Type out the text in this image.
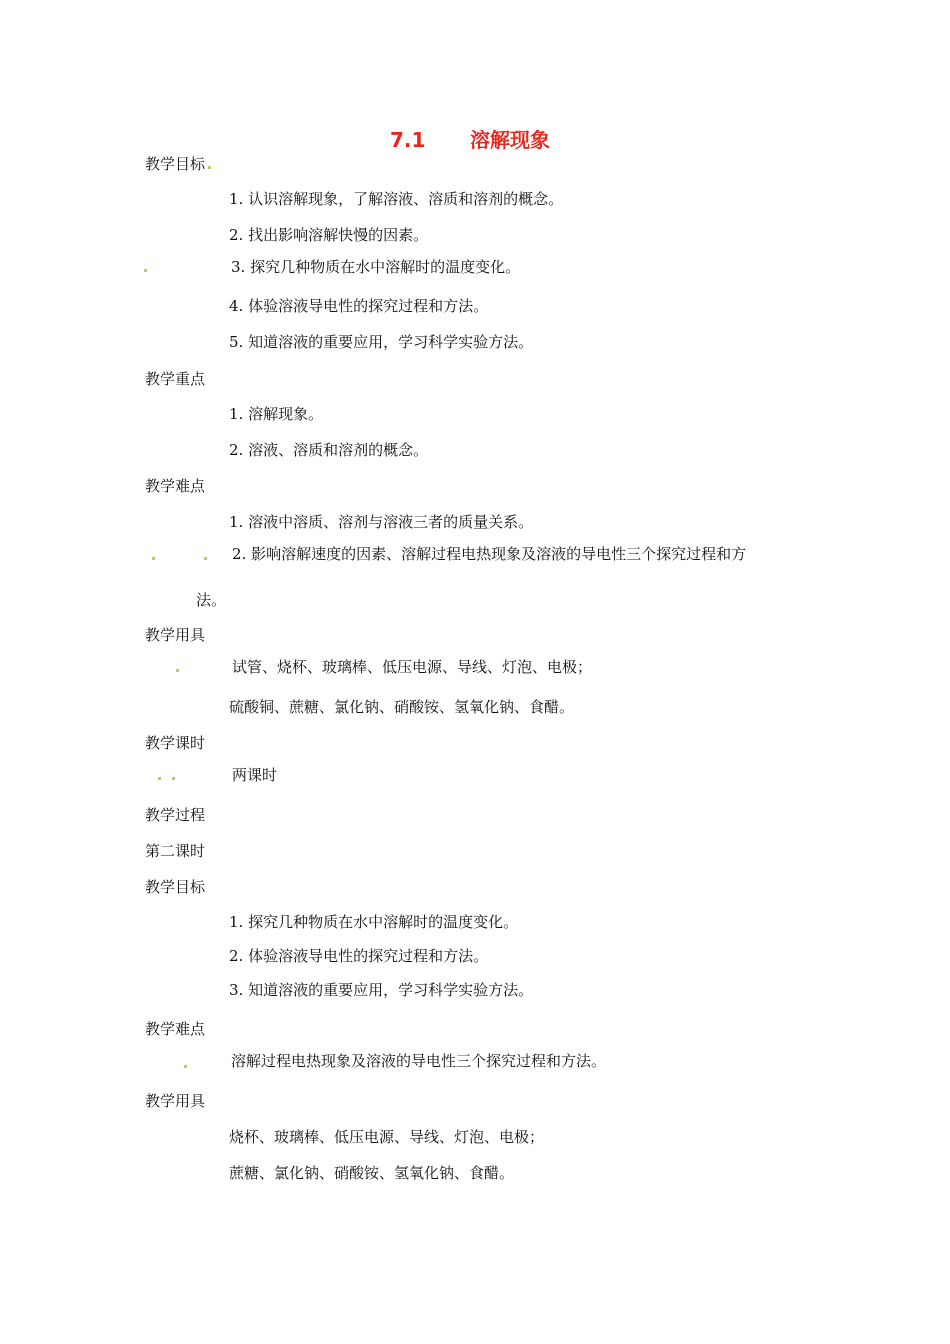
7.1 溶解现象
教学目标
1. 认识溶解现象，了解溶液、溶质和溶剂的概念。
2. 找出影响溶解快慢的因素。
3. 探究几种物质在水中溶解时的温度变化。
4. 体验溶液导电性的探究过程和方法。
5. 知道溶液的重要应用，学习科学实验方法。
教学重点
1. 溶解现象。
2. 溶液、溶质和溶剂的概念。
教学难点
1. 溶液中溶质、溶剂与溶液三者的质量关系。
2. 影响溶解速度的因素、溶解过程电热现象及溶液的导电性三个探究过程和方
法。
教学用具
试管、烧杯、玻璃棒、低压电源、导线、灯泡、电极；
硫酸铜、蔗糖、氯化钠、硝酸铵、氢氧化钠、食醋。
教学课时
两课时
教学过程
第二课时
教学目标
1. 探究几种物质在水中溶解时的温度变化。
2. 体验溶液导电性的探究过程和方法。
3. 知道溶液的重要应用，学习科学实验方法。
教学难点
溶解过程电热现象及溶液的导电性三个探究过程和方法。
教学用具
烧杯、玻璃棒、低压电源、导线、灯泡、电极；
蔗糖、氯化钠、硝酸铵、氢氧化钠、食醋。
